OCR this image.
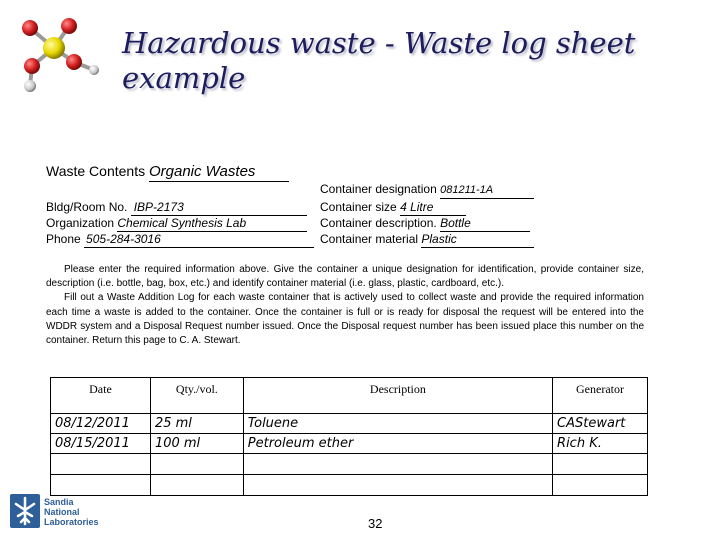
Hazardous waste - Waste log sheet example
Waste Contents Organic Wastes
Bldg/Room No. IBP-2173
Organization Chemical Synthesis Lab
Phone 505-284-3016
Container designation 081211-1A
Container size 4 Litre
Container description. Bottle
Container material Plastic

Please enter the required information above. Give the container a unique designation for identification, provide container size, description (i.e. bottle, bag, box, etc.) and identify container material (i.e. glass, plastic, cardboard, etc.).

Fill out a Waste Addition Log for each waste container that is actively used to collect waste and provide the required information each time a waste is added to the container. Once the container is full or is ready for disposal the request will be entered into the WDDR system and a Disposal Request number issued. Once the Disposal request number has been issued place this number on the container. Return this page to C. A. Stewart.

Date	Qty./vol.	Description	Generator
08/12/2011	25 ml	Toluene	CAStewart
08/15/2011	100 ml	Petroleum ether	Rich K.

Sandia
National
Laboratories	32
